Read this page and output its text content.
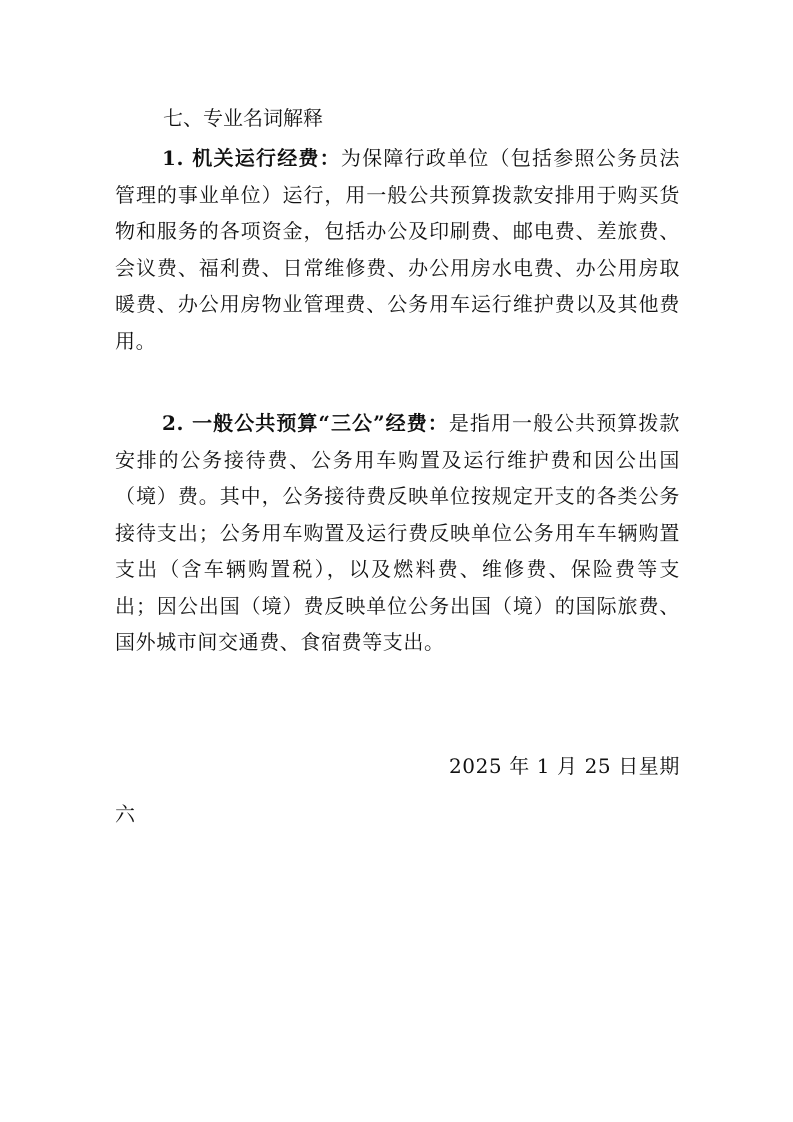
七、专业名词解释

1. 机关运行经费：为保障行政单位（包括参照公务员法管理的事业单位）运行，用一般公共预算拨款安排用于购买货物和服务的各项资金，包括办公及印刷费、邮电费、差旅费、会议费、福利费、日常维修费、办公用房水电费、办公用房取暖费、办公用房物业管理费、公务用车运行维护费以及其他费用。

2. 一般公共预算“三公”经费：是指用一般公共预算拨款安排的公务接待费、公务用车购置及运行维护费和因公出国（境）费。其中，公务接待费反映单位按规定开支的各类公务接待支出；公务用车购置及运行费反映单位公务用车车辆购置支出（含车辆购置税），以及燃料费、维修费、保险费等支出；因公出国（境）费反映单位公务出国（境）的国际旅费、国外城市间交通费、食宿费等支出。

2025 年 1 月 25 日星期
六
